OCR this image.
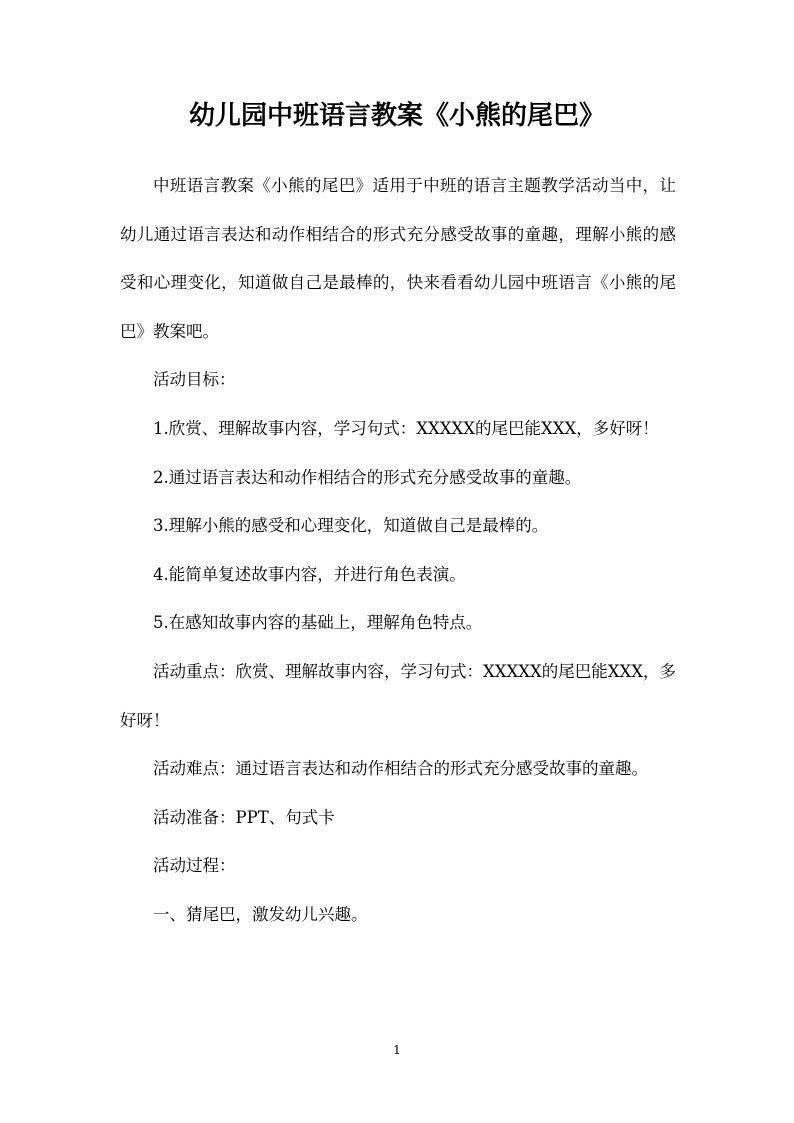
幼儿园中班语言教案《小熊的尾巴》

中班语言教案《小熊的尾巴》适用于中班的语言主题教学活动当中，让幼儿通过语言表达和动作相结合的形式充分感受故事的童趣，理解小熊的感受和心理变化，知道做自己是最棒的，快来看看幼儿园中班语言《小熊的尾巴》教案吧。

活动目标：

1.欣赏、理解故事内容，学习句式：XXXXX的尾巴能XXX，多好呀！

2.通过语言表达和动作相结合的形式充分感受故事的童趣。

3.理解小熊的感受和心理变化，知道做自己是最棒的。

4.能简单复述故事内容，并进行角色表演。

5.在感知故事内容的基础上，理解角色特点。

活动重点：欣赏、理解故事内容，学习句式：XXXXX的尾巴能XXX，多好呀！

活动难点：通过语言表达和动作相结合的形式充分感受故事的童趣。

活动准备：PPT、句式卡

活动过程：

一、猜尾巴，激发幼儿兴趣。

1
